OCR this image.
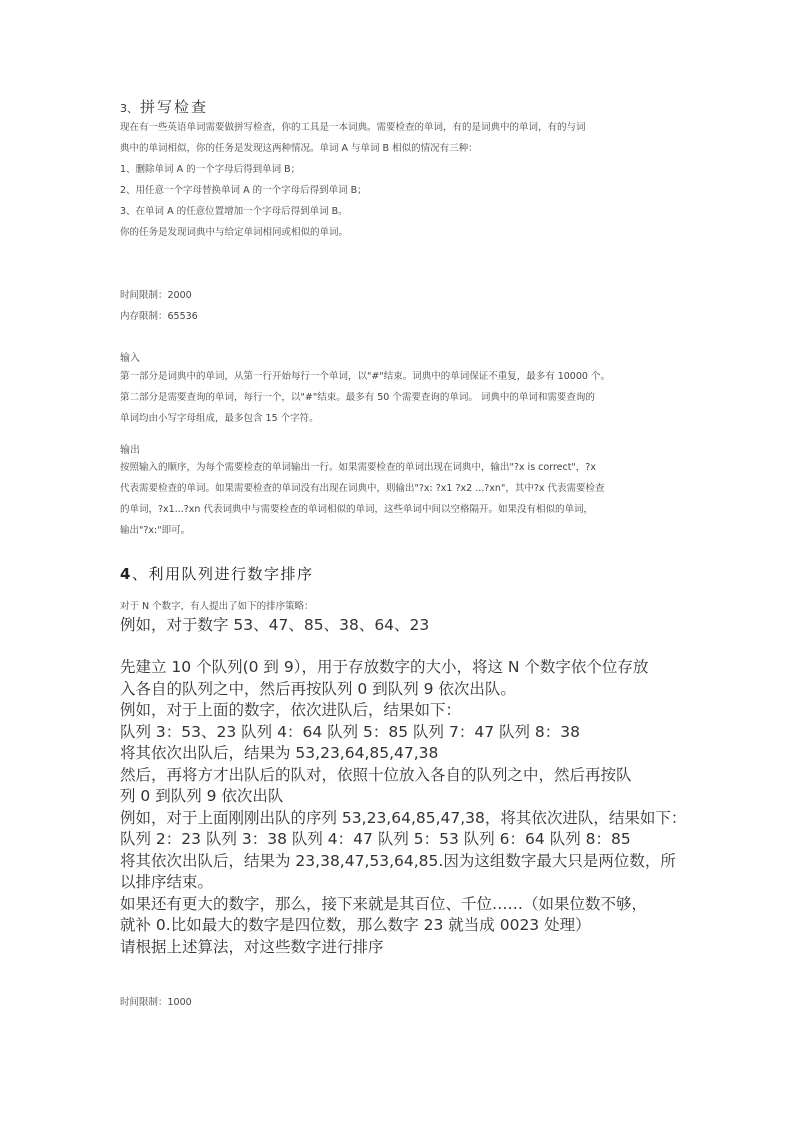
3、 拼写检查
现在有一些英语单词需要做拼写检查，你的工具是一本词典。需要检查的单词，有的是词典中的单词，有的与词
典中的单词相似，你的任务是发现这两种情况。单词 A 与单词 B 相似的情况有三种：
1、删除单词 A 的一个字母后得到单词 B；
2、用任意一个字母替换单词 A 的一个字母后得到单词 B；
3、在单词 A 的任意位置增加一个字母后得到单词 B。
你的任务是发现词典中与给定单词相同或相似的单词。
时间限制：2000
内存限制：65536
输入
第一部分是词典中的单词，从第一行开始每行一个单词，以"#"结束。词典中的单词保证不重复，最多有 10000 个。
第二部分是需要查询的单词，每行一个，以"#"结束。最多有 50 个需要查询的单词。 词典中的单词和需要查询的
单词均由小写字母组成，最多包含 15 个字符。
输出
按照输入的顺序，为每个需要检查的单词输出一行。如果需要检查的单词出现在词典中，输出"?x is correct"，?x
代表需要检查的单词。如果需要检查的单词没有出现在词典中，则输出"?x: ?x1 ?x2 ...?xn"，其中?x 代表需要检查
的单词，?x1...?xn 代表词典中与需要检查的单词相似的单词，这些单词中间以空格隔开。如果没有相似的单词，
输出"?x:"即可。
4、利用队列进行数字排序
对于 N 个数字，有人提出了如下的排序策略：
例如，对于数字 53、47、85、38、64、23
先建立 10 个队列(0 到 9），用于存放数字的大小，将这 N 个数字依个位存放
入各自的队列之中，然后再按队列 0 到队列 9 依次出队。
例如，对于上面的数字，依次进队后，结果如下：
队列 3：53、23 队列 4：64 队列 5：85 队列 7：47 队列 8：38
将其依次出队后，结果为 53,23,64,85,47,38
然后，再将方才出队后的队对，依照十位放入各自的队列之中，然后再按队
列 0 到队列 9 依次出队
例如，对于上面刚刚出队的序列 53,23,64,85,47,38，将其依次进队，结果如下：
队列 2：23 队列 3：38 队列 4：47 队列 5：53 队列 6：64 队列 8：85
将其依次出队后，结果为 23,38,47,53,64,85.因为这组数字最大只是两位数，所
以排序结束。
如果还有更大的数字，那么，接下来就是其百位、千位……（如果位数不够，
就补 0.比如最大的数字是四位数，那么数字 23 就当成 0023 处理）
请根据上述算法，对这些数字进行排序
时间限制：1000
